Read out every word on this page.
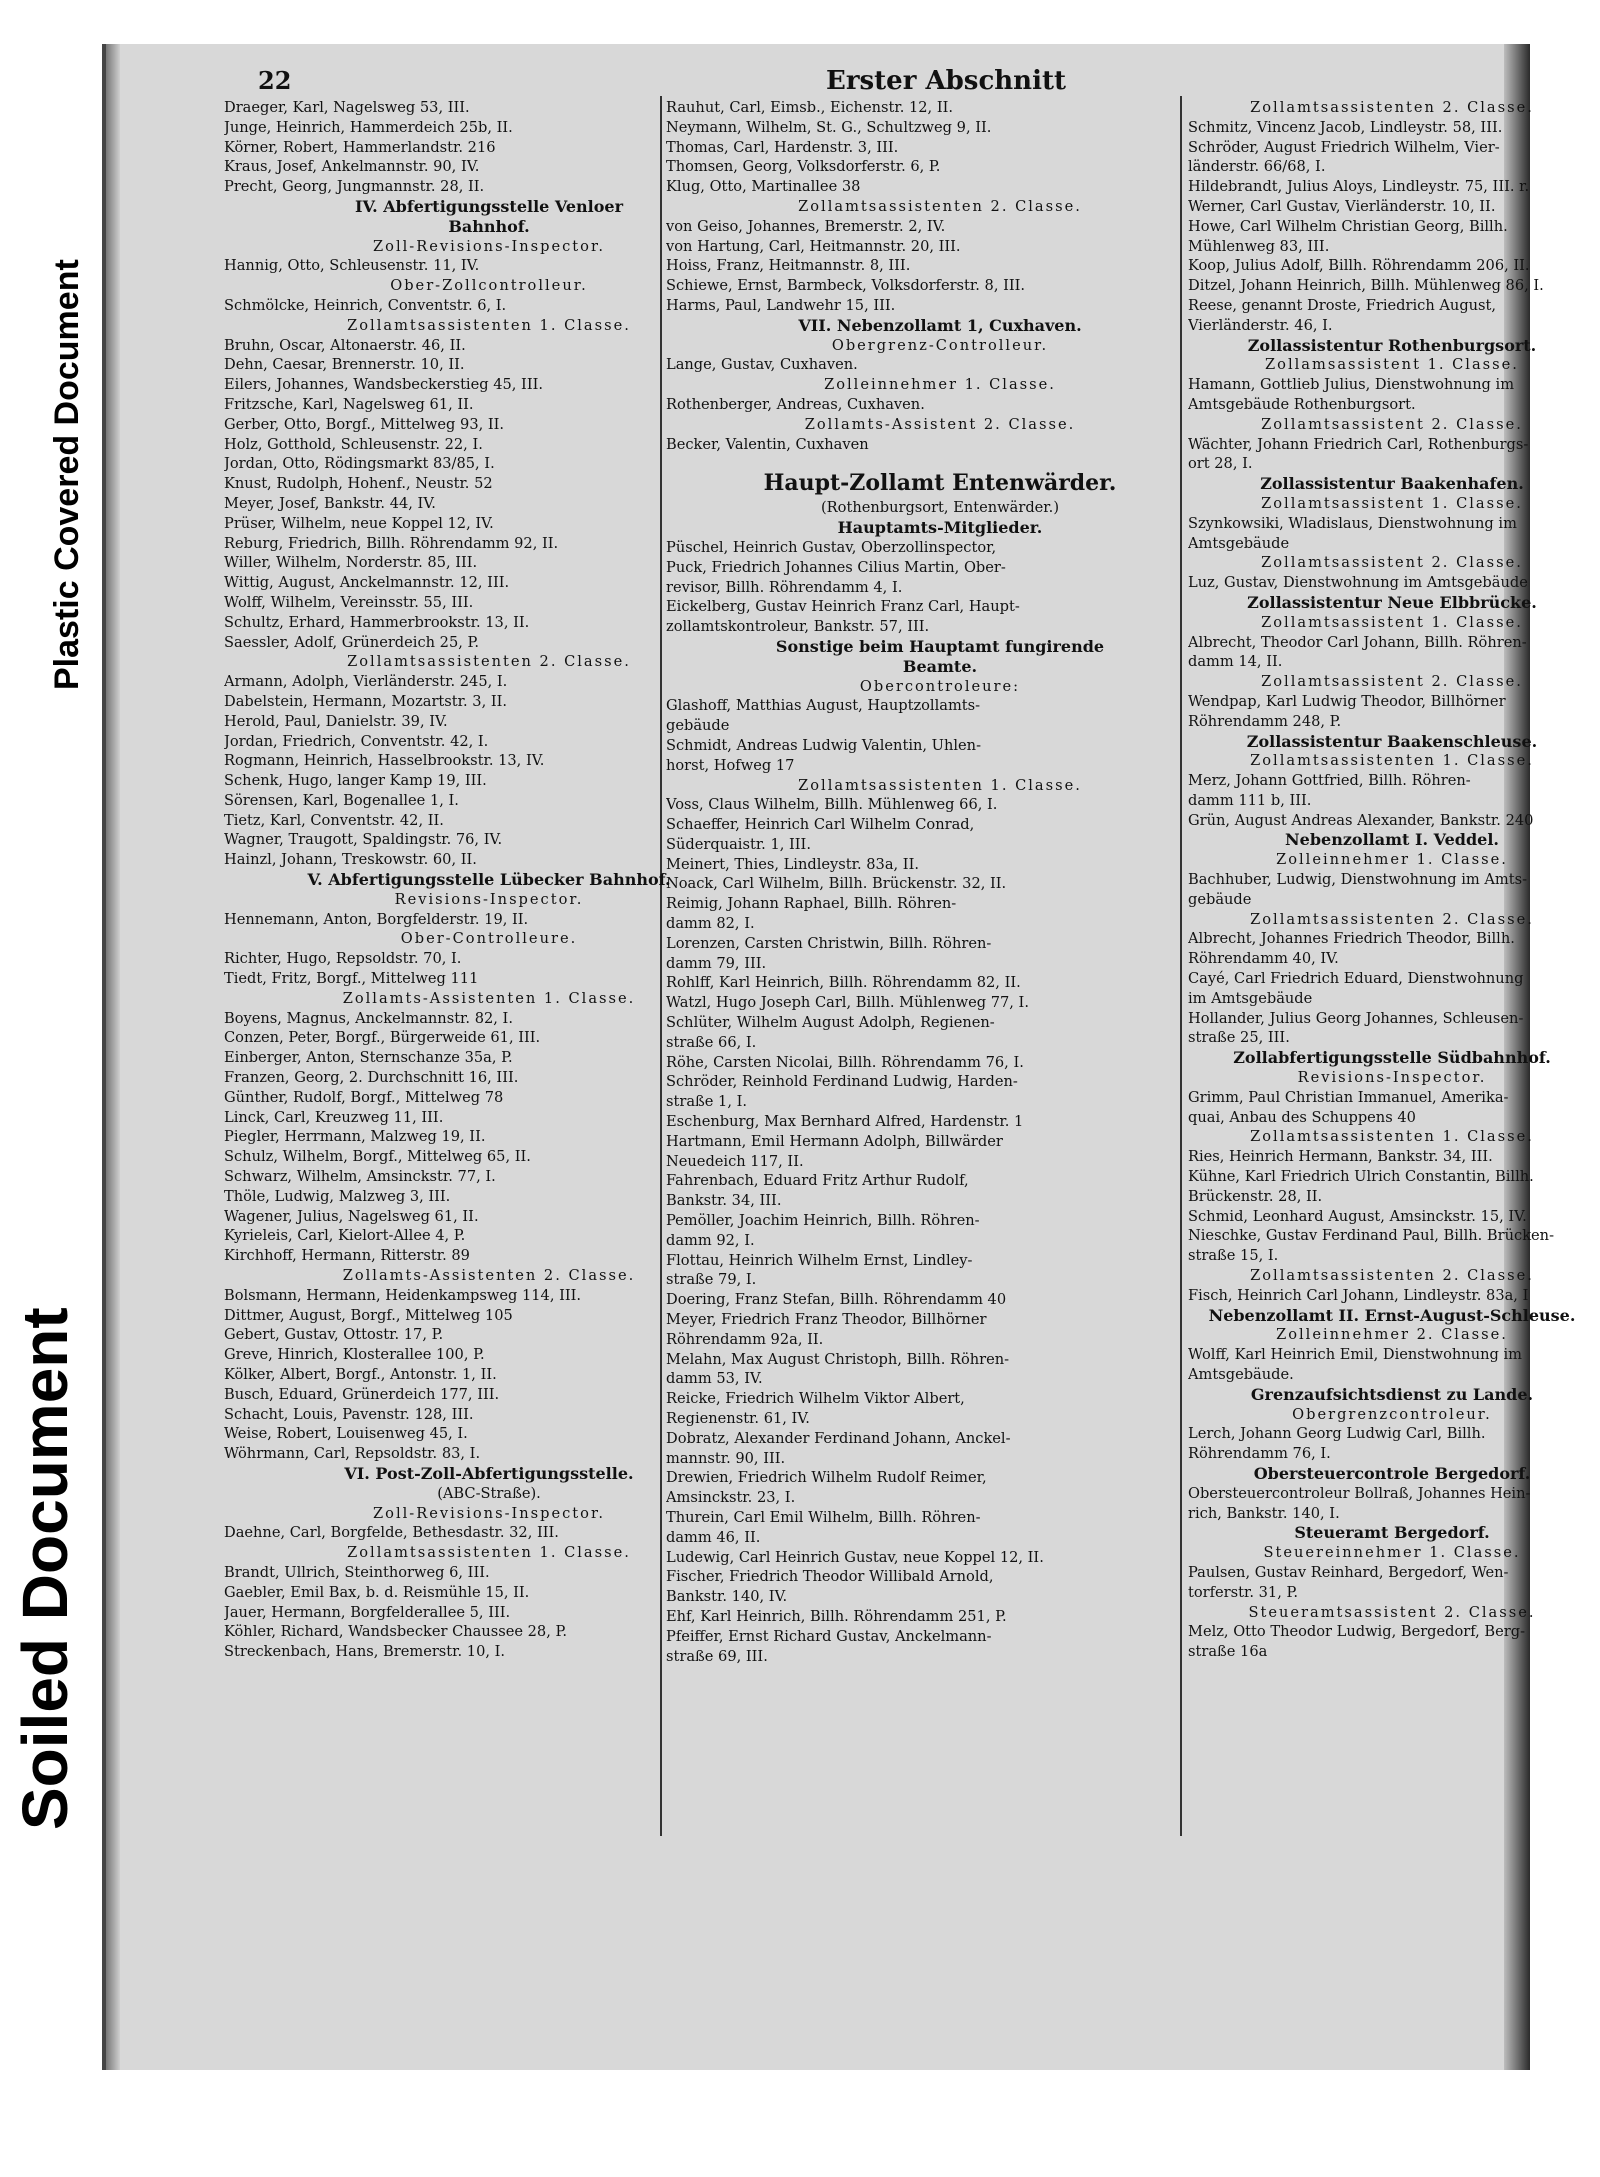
Soiled Document
Plastic Covered Document
22	Erster Abschnitt
Draeger, Karl, Nagelsweg 53, III.
Junge, Heinrich, Hammerdeich 25b, II.
Körner, Robert, Hammerlandstr. 216
Kraus, Josef, Ankelmannstr. 90, IV.
Precht, Georg, Jungmannstr. 28, II.
IV. Abfertigungsstelle Venloer
Bahnhof.
Zoll-Revisions-Inspector.
Hannig, Otto, Schleusenstr. 11, IV.
Ober-Zollcontrolleur.
Schmölcke, Heinrich, Conventstr. 6, I.
Zollamtsassistenten 1. Classe.
Bruhn, Oscar, Altonaerstr. 46, II.
Dehn, Caesar, Brennerstr. 10, II.
Eilers, Johannes, Wandsbeckerstieg 45, III.
Fritzsche, Karl, Nagelsweg 61, II.
Gerber, Otto, Borgf., Mittelweg 93, II.
Holz, Gotthold, Schleusenstr. 22, I.
Jordan, Otto, Rödingsmarkt 83/85, I.
Knust, Rudolph, Hohenf., Neustr. 52
Meyer, Josef, Bankstr. 44, IV.
Prüser, Wilhelm, neue Koppel 12, IV.
Reburg, Friedrich, Billh. Röhrendamm 92, II.
Willer, Wilhelm, Norderstr. 85, III.
Wittig, August, Anckelmannstr. 12, III.
Wolff, Wilhelm, Vereinsstr. 55, III.
Schultz, Erhard, Hammerbrookstr. 13, II.
Saessler, Adolf, Grünerdeich 25, P.
Zollamtsassistenten 2. Classe.
Armann, Adolph, Vierländerstr. 245, I.
Dabelstein, Hermann, Mozartstr. 3, II.
Herold, Paul, Danielstr. 39, IV.
Jordan, Friedrich, Conventstr. 42, I.
Rogmann, Heinrich, Hasselbrookstr. 13, IV.
Schenk, Hugo, langer Kamp 19, III.
Sörensen, Karl, Bogenallee 1, I.
Tietz, Karl, Conventstr. 42, II.
Wagner, Traugott, Spaldingstr. 76, IV.
Hainzl, Johann, Treskowstr. 60, II.
V. Abfertigungsstelle Lübecker Bahnhof.
Revisions-Inspector.
Hennemann, Anton, Borgfelderstr. 19, II.
Ober-Controlleure.
Richter, Hugo, Repsoldstr. 70, I.
Tiedt, Fritz, Borgf., Mittelweg 111
Zollamts-Assistenten 1. Classe.
Boyens, Magnus, Anckelmannstr. 82, I.
Conzen, Peter, Borgf., Bürgerweide 61, III.
Einberger, Anton, Sternschanze 35a, P.
Franzen, Georg, 2. Durchschnitt 16, III.
Günther, Rudolf, Borgf., Mittelweg 78
Linck, Carl, Kreuzweg 11, III.
Piegler, Herrmann, Malzweg 19, II.
Schulz, Wilhelm, Borgf., Mittelweg 65, II.
Schwarz, Wilhelm, Amsinckstr. 77, I.
Thöle, Ludwig, Malzweg 3, III.
Wagener, Julius, Nagelsweg 61, II.
Kyrieleis, Carl, Kielort-Allee 4, P.
Kirchhoff, Hermann, Ritterstr. 89
Zollamts-Assistenten 2. Classe.
Bolsmann, Hermann, Heidenkampsweg 114, III.
Dittmer, August, Borgf., Mittelweg 105
Gebert, Gustav, Ottostr. 17, P.
Greve, Hinrich, Klosterallee 100, P.
Kölker, Albert, Borgf., Antonstr. 1, II.
Busch, Eduard, Grünerdeich 177, III.
Schacht, Louis, Pavenstr. 128, III.
Weise, Robert, Louisenweg 45, I.
Wöhrmann, Carl, Repsoldstr. 83, I.
VI. Post-Zoll-Abfertigungsstelle.
(ABC-Straße).
Zoll-Revisions-Inspector.
Daehne, Carl, Borgfelde, Bethesdastr. 32, III.
Zollamtsassistenten 1. Classe.
Brandt, Ullrich, Steinthorweg 6, III.
Gaebler, Emil Bax, b. d. Reismühle 15, II.
Jauer, Hermann, Borgfelderallee 5, III.
Köhler, Richard, Wandsbecker Chaussee 28, P.
Streckenbach, Hans, Bremerstr. 10, I.
Rauhut, Carl, Eimsb., Eichenstr. 12, II.
Neymann, Wilhelm, St. G., Schultzweg 9, II.
Thomas, Carl, Hardenstr. 3, III.
Thomsen, Georg, Volksdorferstr. 6, P.
Klug, Otto, Martinallee 38
Zollamtsassistenten 2. Classe.
von Geiso, Johannes, Bremerstr. 2, IV.
von Hartung, Carl, Heitmannstr. 20, III.
Hoiss, Franz, Heitmannstr. 8, III.
Schiewe, Ernst, Barmbeck, Volksdorferstr. 8, III.
Harms, Paul, Landwehr 15, III.
VII. Nebenzollamt 1, Cuxhaven.
Obergrenz-Controlleur.
Lange, Gustav, Cuxhaven.
Zolleinnehmer 1. Classe.
Rothenberger, Andreas, Cuxhaven.
Zollamts-Assistent 2. Classe.
Becker, Valentin, Cuxhaven
Haupt-Zollamt Entenwärder.
(Rothenburgsort, Entenwärder.)
Hauptamts-Mitglieder.
Püschel, Heinrich Gustav, Oberzollinspector,
Puck, Friedrich Johannes Cilius Martin, Ober-
revisor, Billh. Röhrendamm 4, I.
Eickelberg, Gustav Heinrich Franz Carl, Haupt-
zollamtskontroleur, Bankstr. 57, III.
Sonstige beim Hauptamt fungirende
Beamte.
Obercontroleure:
Glashoff, Matthias August, Hauptzollamts-
gebäude
Schmidt, Andreas Ludwig Valentin, Uhlen-
horst, Hofweg 17
Zollamtsassistenten 1. Classe.
Voss, Claus Wilhelm, Billh. Mühlenweg 66, I.
Schaeffer, Heinrich Carl Wilhelm Conrad,
Süderquaistr. 1, III.
Meinert, Thies, Lindleystr. 83a, II.
Noack, Carl Wilhelm, Billh. Brückenstr. 32, II.
Reimig, Johann Raphael, Billh. Röhren-
damm 82, I.
Lorenzen, Carsten Christwin, Billh. Röhren-
damm 79, III.
Rohlff, Karl Heinrich, Billh. Röhrendamm 82, II.
Watzl, Hugo Joseph Carl, Billh. Mühlenweg 77, I.
Schlüter, Wilhelm August Adolph, Regienen-
straße 66, I.
Röhe, Carsten Nicolai, Billh. Röhrendamm 76, I.
Schröder, Reinhold Ferdinand Ludwig, Harden-
straße 1, I.
Eschenburg, Max Bernhard Alfred, Hardenstr. 1
Hartmann, Emil Hermann Adolph, Billwärder
Neuedeich 117, II.
Fahrenbach, Eduard Fritz Arthur Rudolf,
Bankstr. 34, III.
Pemöller, Joachim Heinrich, Billh. Röhren-
damm 92, I.
Flottau, Heinrich Wilhelm Ernst, Lindley-
straße 79, I.
Doering, Franz Stefan, Billh. Röhrendamm 40
Meyer, Friedrich Franz Theodor, Billhörner
Röhrendamm 92a, II.
Melahn, Max August Christoph, Billh. Röhren-
damm 53, IV.
Reicke, Friedrich Wilhelm Viktor Albert,
Regienenstr. 61, IV.
Dobratz, Alexander Ferdinand Johann, Anckel-
mannstr. 90, III.
Drewien, Friedrich Wilhelm Rudolf Reimer,
Amsinckstr. 23, I.
Thurein, Carl Emil Wilhelm, Billh. Röhren-
damm 46, II.
Ludewig, Carl Heinrich Gustav, neue Koppel 12, II.
Fischer, Friedrich Theodor Willibald Arnold,
Bankstr. 140, IV.
Ehf, Karl Heinrich, Billh. Röhrendamm 251, P.
Pfeiffer, Ernst Richard Gustav, Anckelmann-
straße 69, III.
Zollamtsassistenten 2. Classe.
Schmitz, Vincenz Jacob, Lindleystr. 58, III.
Schröder, August Friedrich Wilhelm, Vier-
länderstr. 66/68, I.
Hildebrandt, Julius Aloys, Lindleystr. 75, III. r.
Werner, Carl Gustav, Vierländerstr. 10, II.
Howe, Carl Wilhelm Christian Georg, Billh.
Mühlenweg 83, III.
Koop, Julius Adolf, Billh. Röhrendamm 206, II.
Ditzel, Johann Heinrich, Billh. Mühlenweg 86, I.
Reese, genannt Droste, Friedrich August,
Vierländerstr. 46, I.
Zollassistentur Rothenburgsort.
Zollamsassistent 1. Classe.
Hamann, Gottlieb Julius, Dienstwohnung im
Amtsgebäude Rothenburgsort.
Zollamtsassistent 2. Classe.
Wächter, Johann Friedrich Carl, Rothenburgs-
ort 28, I.
Zollassistentur Baakenhafen.
Zollamtsassistent 1. Classe.
Szynkowsiki, Wladislaus, Dienstwohnung im
Amtsgebäude
Zollamtsassistent 2. Classe.
Luz, Gustav, Dienstwohnung im Amtsgebäude
Zollassistentur Neue Elbbrücke.
Zollamtsassistent 1. Classe.
Albrecht, Theodor Carl Johann, Billh. Röhren-
damm 14, II.
Zollamtsassistent 2. Classe.
Wendpap, Karl Ludwig Theodor, Billhörner
Röhrendamm 248, P.
Zollassistentur Baakenschleuse.
Zollamtsassistenten 1. Classe.
Merz, Johann Gottfried, Billh. Röhren-
damm 111 b, III.
Grün, August Andreas Alexander, Bankstr. 240
Nebenzollamt I. Veddel.
Zolleinnehmer 1. Classe.
Bachhuber, Ludwig, Dienstwohnung im Amts-
gebäude
Zollamtsassistenten 2. Classe.
Albrecht, Johannes Friedrich Theodor, Billh.
Röhrendamm 40, IV.
Cayé, Carl Friedrich Eduard, Dienstwohnung
im Amtsgebäude
Hollander, Julius Georg Johannes, Schleusen-
straße 25, III.
Zollabfertigungsstelle Südbahnhof.
Revisions-Inspector.
Grimm, Paul Christian Immanuel, Amerika-
quai, Anbau des Schuppens 40
Zollamtsassistenten 1. Classe.
Ries, Heinrich Hermann, Bankstr. 34, III.
Kühne, Karl Friedrich Ulrich Constantin, Billh.
Brückenstr. 28, II.
Schmid, Leonhard August, Amsinckstr. 15, IV.
Nieschke, Gustav Ferdinand Paul, Billh. Brücken-
straße 15, I.
Zollamtsassistenten 2. Classe.
Fisch, Heinrich Carl Johann, Lindleystr. 83a, I
Nebenzollamt II. Ernst-August-Schleuse.
Zolleinnehmer 2. Classe.
Wolff, Karl Heinrich Emil, Dienstwohnung im
Amtsgebäude.
Grenzaufsichtsdienst zu Lande.
Obergrenzcontroleur.
Lerch, Johann Georg Ludwig Carl, Billh.
Röhrendamm 76, I.
Obersteuercontrole Bergedorf.
Obersteuercontroleur Bollraß, Johannes Hein-
rich, Bankstr. 140, I.
Steueramt Bergedorf.
Steuereinnehmer 1. Classe.
Paulsen, Gustav Reinhard, Bergedorf, Wen-
torferstr. 31, P.
Steueramtsassistent 2. Classe.
Melz, Otto Theodor Ludwig, Bergedorf, Berg-
straße 16a
